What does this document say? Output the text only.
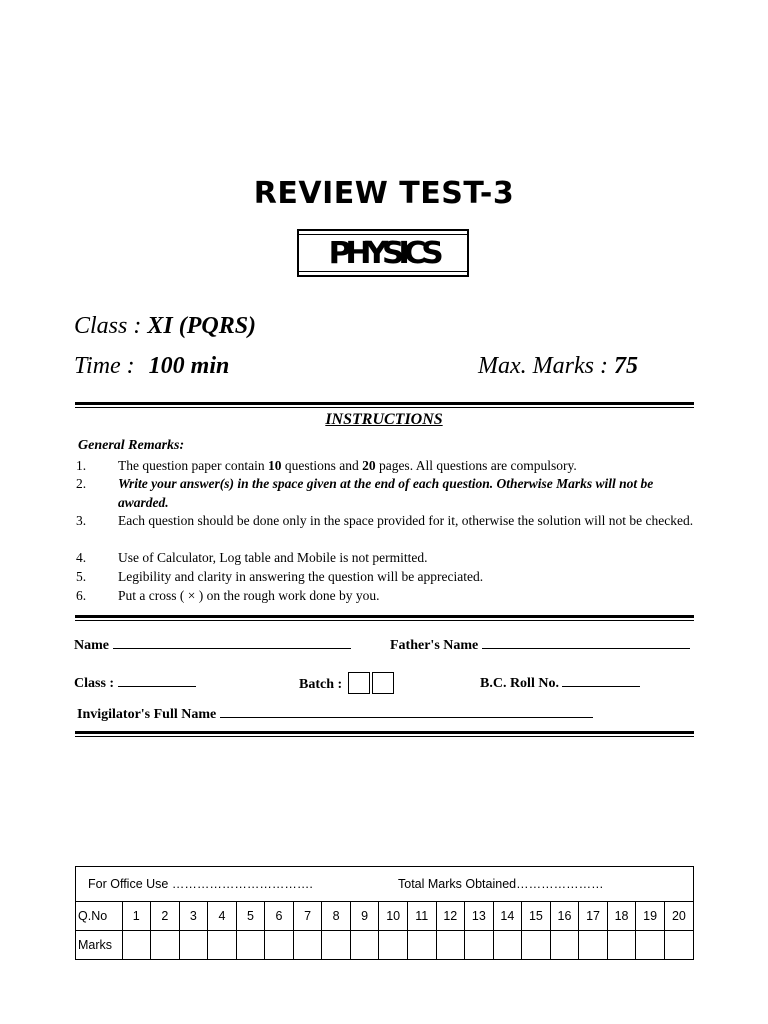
REVIEW TEST-3
PHYSICS
Class : XI (PQRS)
Time : 100 min	Max. Marks : 75
INSTRUCTIONS
General Remarks:
1.	The question paper contain 10 questions and 20 pages. All questions are compulsory.
2.	Write your answer(s) in the space given at the end of each question. Otherwise Marks will not be awarded.
3.	Each question should be done only in the space provided for it, otherwise the solution will not be checked.
4.	Use of Calculator, Log table and Mobile is not permitted.
5.	Legibility and clarity in answering the question will be appreciated.
6.	Put a cross ( × ) on the rough work done by you.
Name	Father's Name
Class :	Batch :	B.C. Roll No.
Invigilator's Full Name
For Office Use …………………………….	Total Marks Obtained…………………
Q.No	1	2	3	4	5	6	7	8	9	10	11	12	13	14	15	16	17	18	19	20
Marks																				
